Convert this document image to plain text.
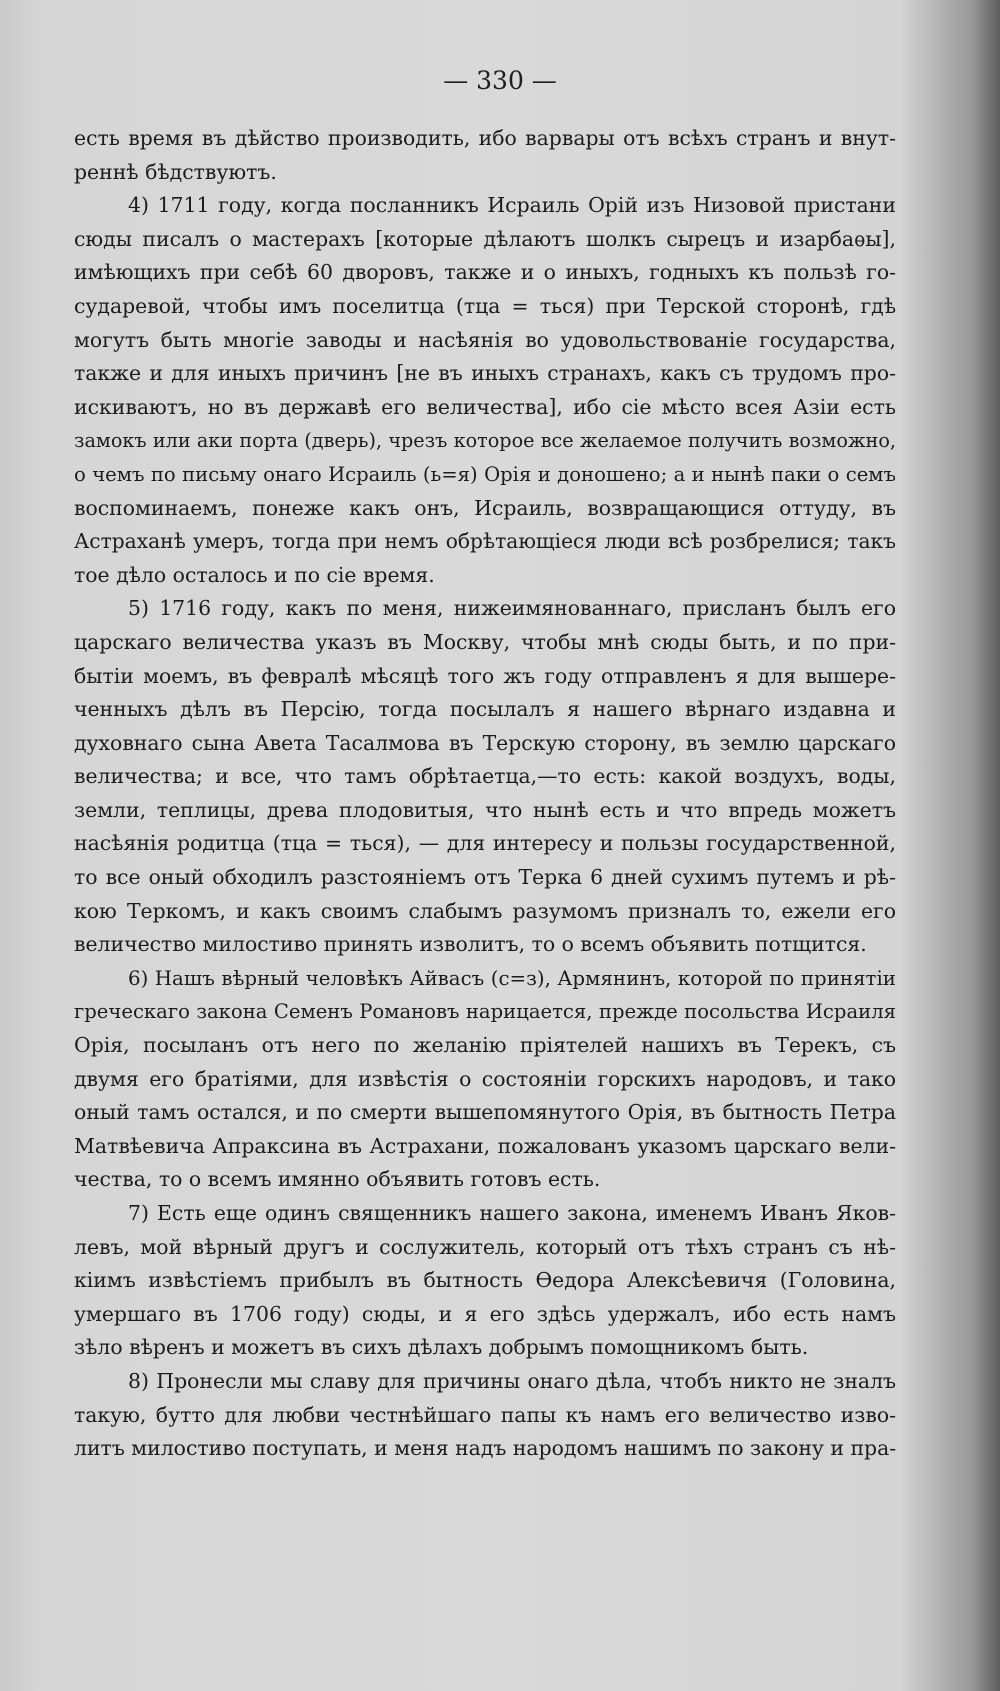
— 330 —
есть время въ дѣйство производить, ибо варвары отъ всѣхъ странъ и внут-
реннѣ бѣдствуютъ.
4) 1711 году, когда посланникъ Исраиль Орій изъ Низовой пристани
сюды писалъ о мастерахъ [которые дѣлаютъ шолкъ сырецъ и изарбаѳы],
имѣющихъ при себѣ 60 дворовъ, также и о иныхъ, годныхъ къ пользѣ го-
сударевой, чтобы имъ поселитца (тца = ться) при Терской сторонѣ, гдѣ
могутъ быть многіе заводы и насѣянія во удовольствованіе государства,
также и для иныхъ причинъ [не въ иныхъ странахъ, какъ съ трудомъ про-
искиваютъ, но въ державѣ его величества], ибо сіе мѣсто всея Азіи есть
замокъ или аки порта (дверь), чрезъ которое все желаемое получить возможно,
о чемъ по письму онаго Исраиль (ь=я) Орія и доношено; а и нынѣ паки о семъ
воспоминаемъ, понеже какъ онъ, Исраиль, возвращающися оттуду, въ
Астраханѣ умеръ, тогда при немъ обрѣтающіеся люди всѣ розбрелися; такъ
тое дѣло осталось и по сіе время.
5) 1716 году, какъ по меня, нижеимянованнаго, присланъ былъ его
царскаго величества указъ въ Москву, чтобы мнѣ сюды быть, и по при-
бытіи моемъ, въ февралѣ мѣсяцѣ того жъ году отправленъ я для вышере-
ченныхъ дѣлъ въ Персію, тогда посылалъ я нашего вѣрнаго издавна и
духовнаго сына Авета Тасалмова въ Терскую сторону, въ землю царскаго
величества; и все, что тамъ обрѣтаетца,—то есть: какой воздухъ, воды,
земли, теплицы, древа плодовитыя, что нынѣ есть и что впредь можетъ
насѣянія родитца (тца = ться), — для интересу и пользы государственной,
то все оный обходилъ разстояніемъ отъ Терка 6 дней сухимъ путемъ и рѣ-
кою Теркомъ, и какъ своимъ слабымъ разумомъ призналъ то, ежели его
величество милостиво принять изволитъ, то о всемъ объявить потщится.
6) Нашъ вѣрный человѣкъ Айвасъ (с=з), Армянинъ, которой по принятіи
греческаго закона Семенъ Романовъ нарицается, прежде посольства Исраиля
Орія, посыланъ отъ него по желанію пріятелей нашихъ въ Терекъ, съ
двумя его братіями, для извѣстія о состояніи горскихъ народовъ, и тако
оный тамъ остался, и по смерти вышепомянутого Орія, въ бытность Петра
Матвѣевича Апраксина въ Астрахани, пожалованъ указомъ царскаго вели-
чества, то о всемъ имянно объявить готовъ есть.
7) Есть еще одинъ священникъ нашего закона, именемъ Иванъ Яков-
левъ, мой вѣрный другъ и сослужитель, который отъ тѣхъ странъ съ нѣ-
кіимъ извѣстіемъ прибылъ въ бытность Ѳедора Алексѣевичя (Головина,
умершаго въ 1706 году) сюды, и я его здѣсь удержалъ, ибо есть намъ
зѣло вѣренъ и можетъ въ сихъ дѣлахъ добрымъ помощникомъ быть.
8) Пронесли мы славу для причины онаго дѣла, чтобъ никто не зналъ
такую, бутто для любви честнѣйшаго папы къ намъ его величество изво-
литъ милостиво поступать, и меня надъ народомъ нашимъ по закону и пра-
